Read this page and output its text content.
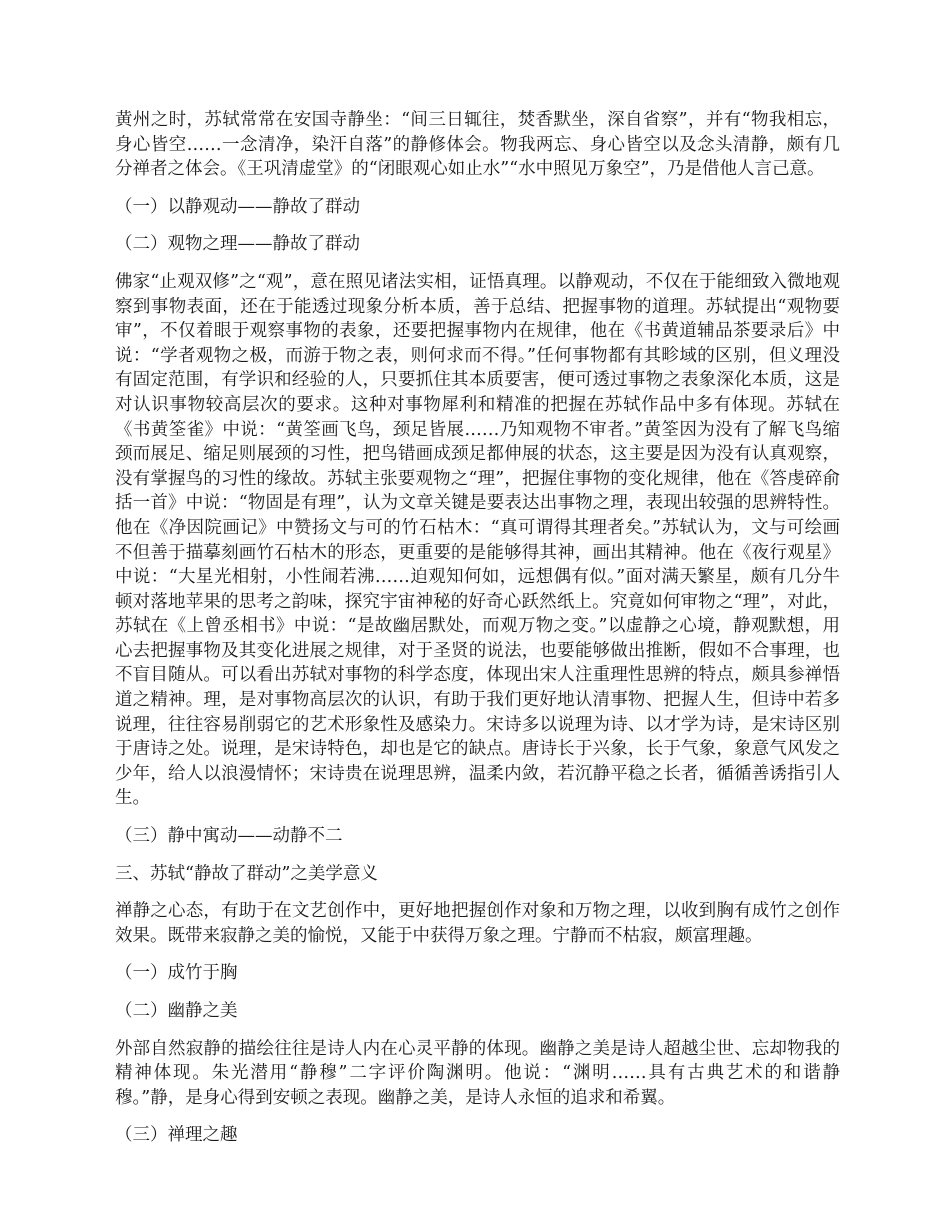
黄州之时，苏轼常常在安国寺静坐：“间三日辄往，焚香默坐，深自省察”，并有“物我相忘，身心皆空……一念清净，染汗自落”的静修体会。物我两忘、身心皆空以及念头清静，颇有几分禅者之体会。《王巩清虚堂》的“闭眼观心如止水”“水中照见万象空”，乃是借他人言己意。

（一）以静观动——静故了群动

（二）观物之理——静故了群动

佛家“止观双修”之“观”，意在照见诸法实相，证悟真理。以静观动，不仅在于能细致入微地观察到事物表面，还在于能透过现象分析本质，善于总结、把握事物的道理。苏轼提出“观物要审”，不仅着眼于观察事物的表象，还要把握事物内在规律，他在《书黄道辅品茶要录后》中说：“学者观物之极，而游于物之表，则何求而不得。”任何事物都有其畛域的区别，但义理没有固定范围，有学识和经验的人，只要抓住其本质要害，便可透过事物之表象深化本质，这是对认识事物较高层次的要求。这种对事物犀利和精准的把握在苏轼作品中多有体现。苏轼在《书黄筌雀》中说：“黄筌画飞鸟，颈足皆展……乃知观物不审者。”黄筌因为没有了解飞鸟缩颈而展足、缩足则展颈的习性，把鸟错画成颈足都伸展的状态，这主要是因为没有认真观察，没有掌握鸟的习性的缘故。苏轼主张要观物之“理”，把握住事物的变化规律，他在《答虔碎俞括一首》中说：“物固是有理”，认为文章关键是要表达出事物之理，表现出较强的思辨特性。他在《净因院画记》中赞扬文与可的竹石枯木：“真可谓得其理者矣。”苏轼认为，文与可绘画不但善于描摹刻画竹石枯木的形态，更重要的是能够得其神，画出其精神。他在《夜行观星》中说：“大星光相射，小性闹若沸……迫观知何如，远想偶有似。”面对满天繁星，颇有几分牛顿对落地苹果的思考之韵味，探究宇宙神秘的好奇心跃然纸上。究竟如何审物之“理”，对此，苏轼在《上曾丞相书》中说：“是故幽居默处，而观万物之变。”以虚静之心境，静观默想，用心去把握事物及其变化进展之规律，对于圣贤的说法，也要能够做出推断，假如不合事理，也不盲目随从。可以看出苏轼对事物的科学态度，体现出宋人注重理性思辨的特点，颇具参禅悟道之精神。理，是对事物高层次的认识，有助于我们更好地认清事物、把握人生，但诗中若多说理，往往容易削弱它的艺术形象性及感染力。宋诗多以说理为诗、以才学为诗，是宋诗区别于唐诗之处。说理，是宋诗特色，却也是它的缺点。唐诗长于兴象，长于气象，象意气风发之少年，给人以浪漫情怀；宋诗贵在说理思辨，温柔内敛，若沉静平稳之长者，循循善诱指引人生。

（三）静中寓动——动静不二

三、苏轼“静故了群动”之美学意义

禅静之心态，有助于在文艺创作中，更好地把握创作对象和万物之理，以收到胸有成竹之创作效果。既带来寂静之美的愉悦，又能于中获得万象之理。宁静而不枯寂，颇富理趣。

（一）成竹于胸

（二）幽静之美

外部自然寂静的描绘往往是诗人内在心灵平静的体现。幽静之美是诗人超越尘世、忘却物我的精神体现。朱光潜用“静穆”二字评价陶渊明。他说：“渊明……具有古典艺术的和谐静穆。”静，是身心得到安顿之表现。幽静之美，是诗人永恒的追求和希翼。

（三）禅理之趣
